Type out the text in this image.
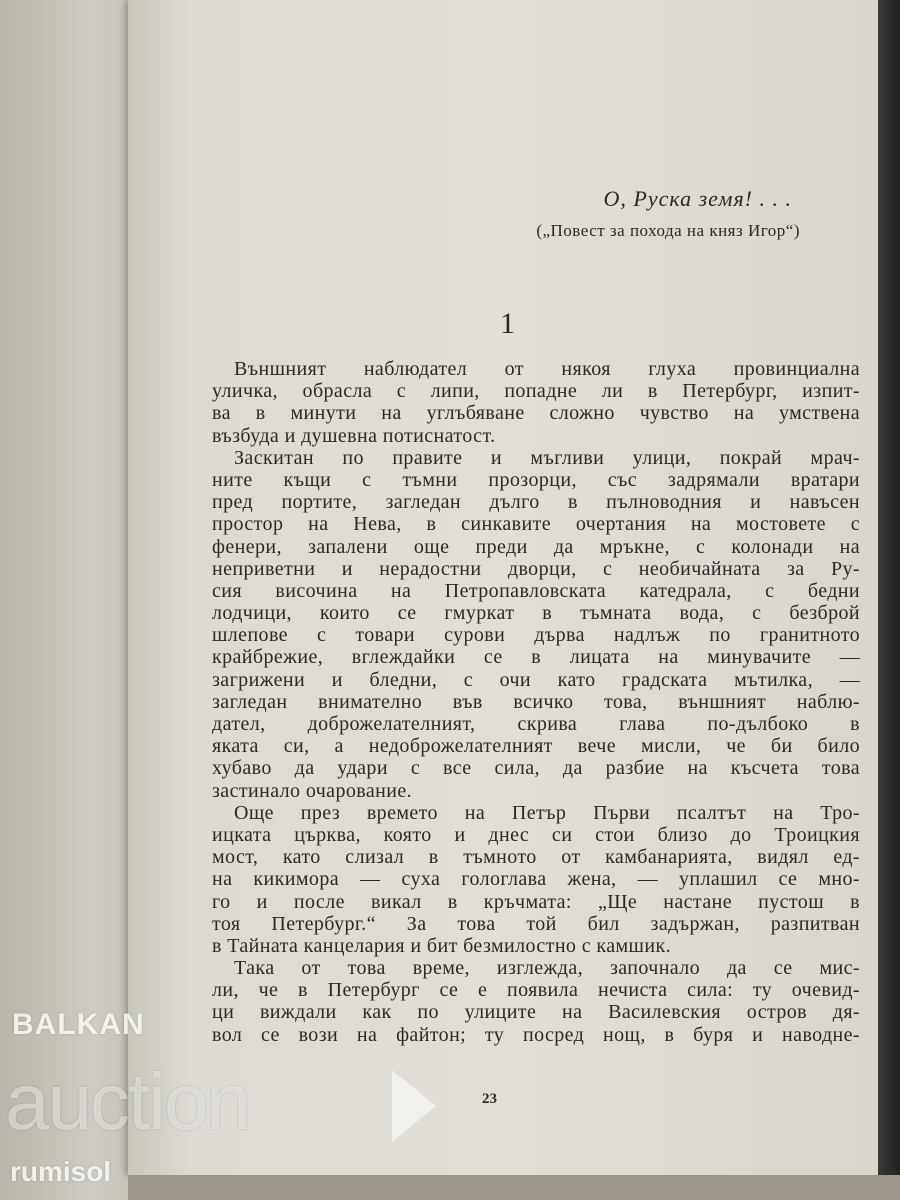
О, Руска земя! . . .
(„Повест за похода на княз Игор“)
1
Външният наблюдател от някоя глуха провинциална
уличка, обрасла с липи, попадне ли в Петербург, изпит-
ва в минути на углъбяване сложно чувство на умствена
възбуда и душевна потиснатост.
Заскитан по правите и мъгливи улици, покрай мрач-
ните къщи с тъмни прозорци, със задрямали вратари
пред портите, загледан дълго в пълноводния и навъсен
простор на Нева, в синкавите очертания на мостовете с
фенери, запалени още преди да мръкне, с колонади на
неприветни и нерадостни дворци, с необичайната за Ру-
сия височина на Петропавловската катедрала, с бедни
лодчици, които се гмуркат в тъмната вода, с безброй
шлепове с товари сурови дърва надлъж по гранитното
крайбрежие, вглеждайки се в лицата на минувачите —
загрижени и бледни, с очи като градската мътилка, —
загледан внимателно във всичко това, външният наблю-
дател, доброжелателният, скрива глава по-дълбоко в
яката си, а недоброжелателният вече мисли, че би било
хубаво да удари с все сила, да разбие на късчета това
застинало очарование.
Още през времето на Петър Първи псалтът на Тро-
ицката църква, която и днес си стои близо до Троицкия
мост, като слизал в тъмното от камбанарията, видял ед-
на кикимора — суха гологлава жена, — уплашил се мно-
го и после викал в кръчмата: „Ще настане пустош в
тоя Петербург.“ За това той бил задържан, разпитван
в Тайната канцелария и бит безмилостно с камшик.
Така от това време, изглежда, започнало да се мис-
ли, че в Петербург се е появила нечиста сила: ту очевид-
ци виждали как по улиците на Василевския остров дя-
вол се вози на файтон; ту посред нощ, в буря и наводне-
23
BALKAN
auction
rumisol
